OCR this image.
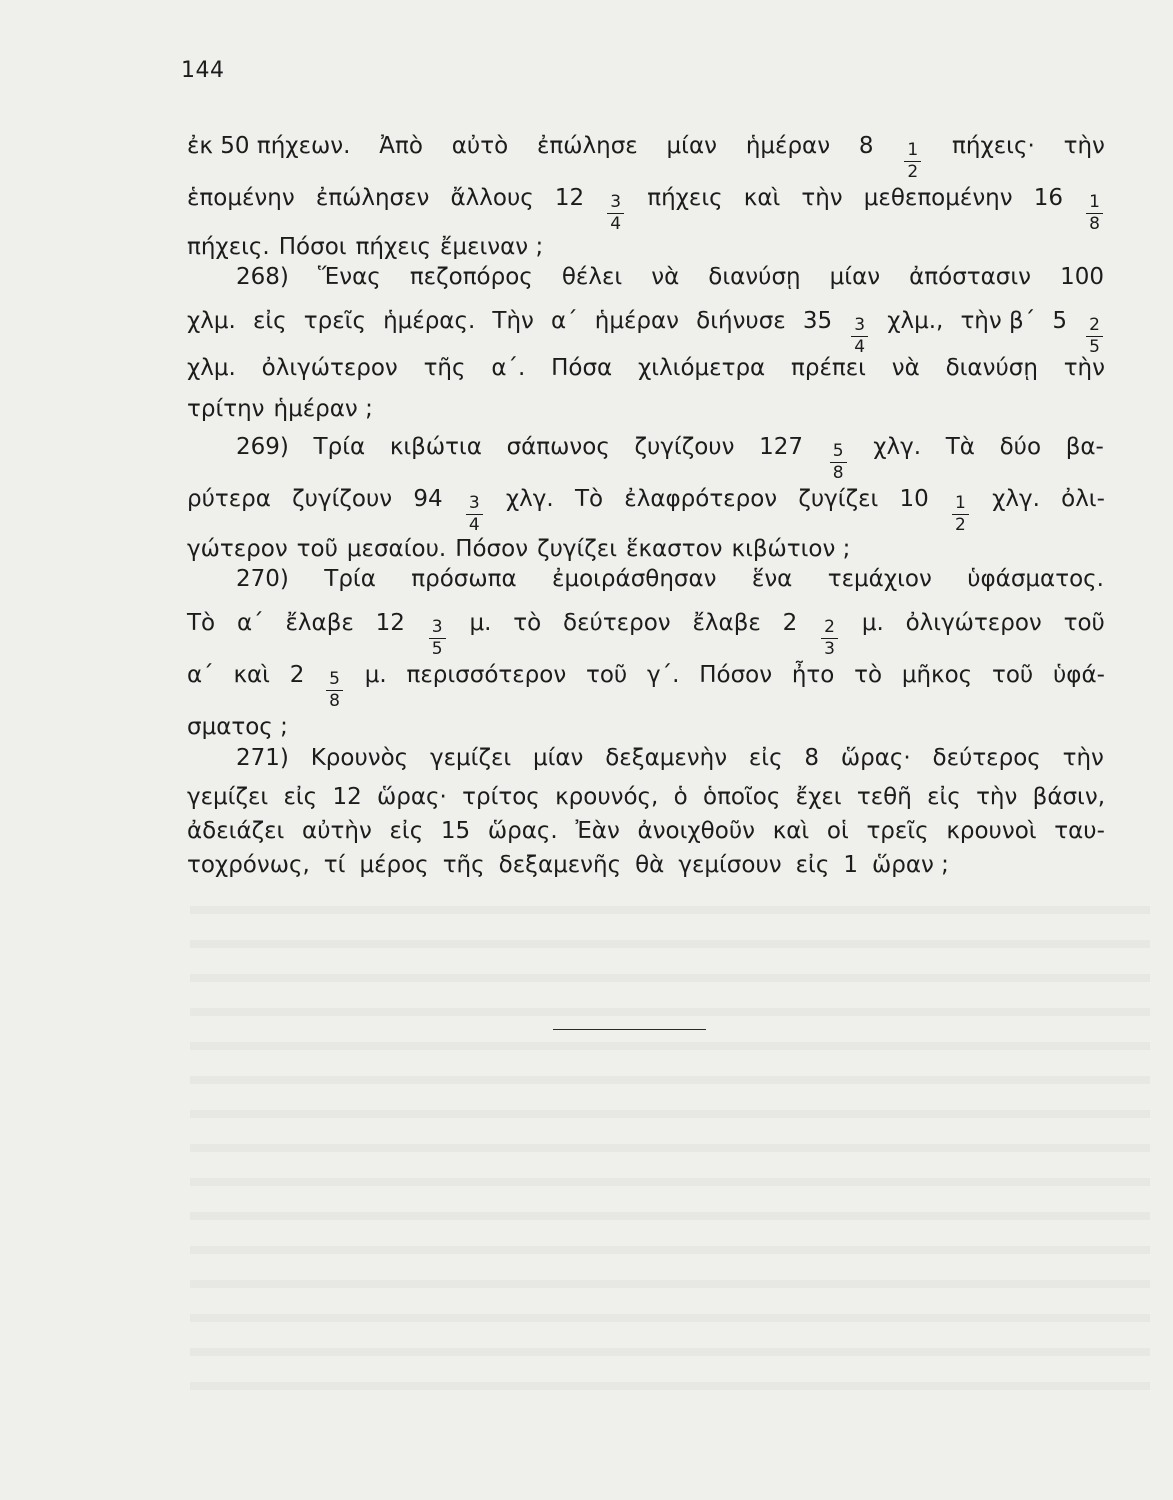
144
ἐκ 50 πήχεων. Ἀπὸ αὐτὸ ἐπώλησε μίαν ἡμέραν $8 \frac{1}{2} \pi ή\chi\varepsilon\iota\varsigma\cdot$ τὴν
ἑπομένην ἐπώλησεν ἄλλους $12 \frac{3}{4}$ πήχεις καὶ τὴν μεθεπομένην $16 \frac{1}{8}$
πήχεις. Πόσοι πήχεις ἔμειναν ;
268) Ἕνας πεζοπόρος θέλει νὰ διανύσῃ μίαν ἀπόστασιν 100
χλμ. εἰς τρεῖς ἡμέρας. Τὴν α΄ ἡμέραν διήνυσε $35 \frac{3}{4} \chi\lambda\mu$., τὴν β΄ $5 \frac{2}{5}$
χλμ. ὀλιγώτερον τῆς α΄. Πόσα χιλιόμετρα πρέπει νὰ διανύσῃ τὴν
τρίτην ἡμέραν ;
269) Τρία κιβώτια σάπωνος ζυγίζουν $127 \frac{5}{8} \chi\lambda\gamma$. Τὰ δύο βα-
ρύτερα ζυγίζουν $94 \frac{3}{4} \chi\lambda\gamma$. Τὸ ἐλαφρότερον ζυγίζει $10 \frac{1}{2} \chi\lambda\gamma$. ὀλι-
γώτερον τοῦ μεσαίου. Πόσον ζυγίζει ἕκαστον κιβώτιον ;
270) Τρία πρόσωπα ἐμοιράσθησαν ἕνα τεμάχιον ὑφάσματος.
Τὸ α΄ ἔλαβε $12 \frac{3}{5} \mu$. τὸ δεύτερον ἔλαβε $2 \frac{2}{3} \mu$. ὀλιγώτερον τοῦ
α΄ καὶ $2 \frac{5}{8} \mu$. περισσότερον τοῦ γ΄. Πόσον ἦτο τὸ μῆκος τοῦ ὑφά-
σματος ;
271) Κρουνὸς γεμίζει μίαν δεξαμενὴν εἰς 8 ὥρας· δεύτερος τὴν
γεμίζει εἰς 12 ὥρας· τρίτος κρουνός, ὁ ὁποῖος ἔχει τεθῆ εἰς τὴν βάσιν,
ἀδειάζει αὐτὴν εἰς 15 ὥρας. Ἐὰν ἀνοιχθοῦν καὶ οἱ τρεῖς κρουνοὶ ταυ-
τοχρόνως, τί μέρος τῆς δεξαμενῆς θὰ γεμίσουν εἰς 1 ὥραν ;
